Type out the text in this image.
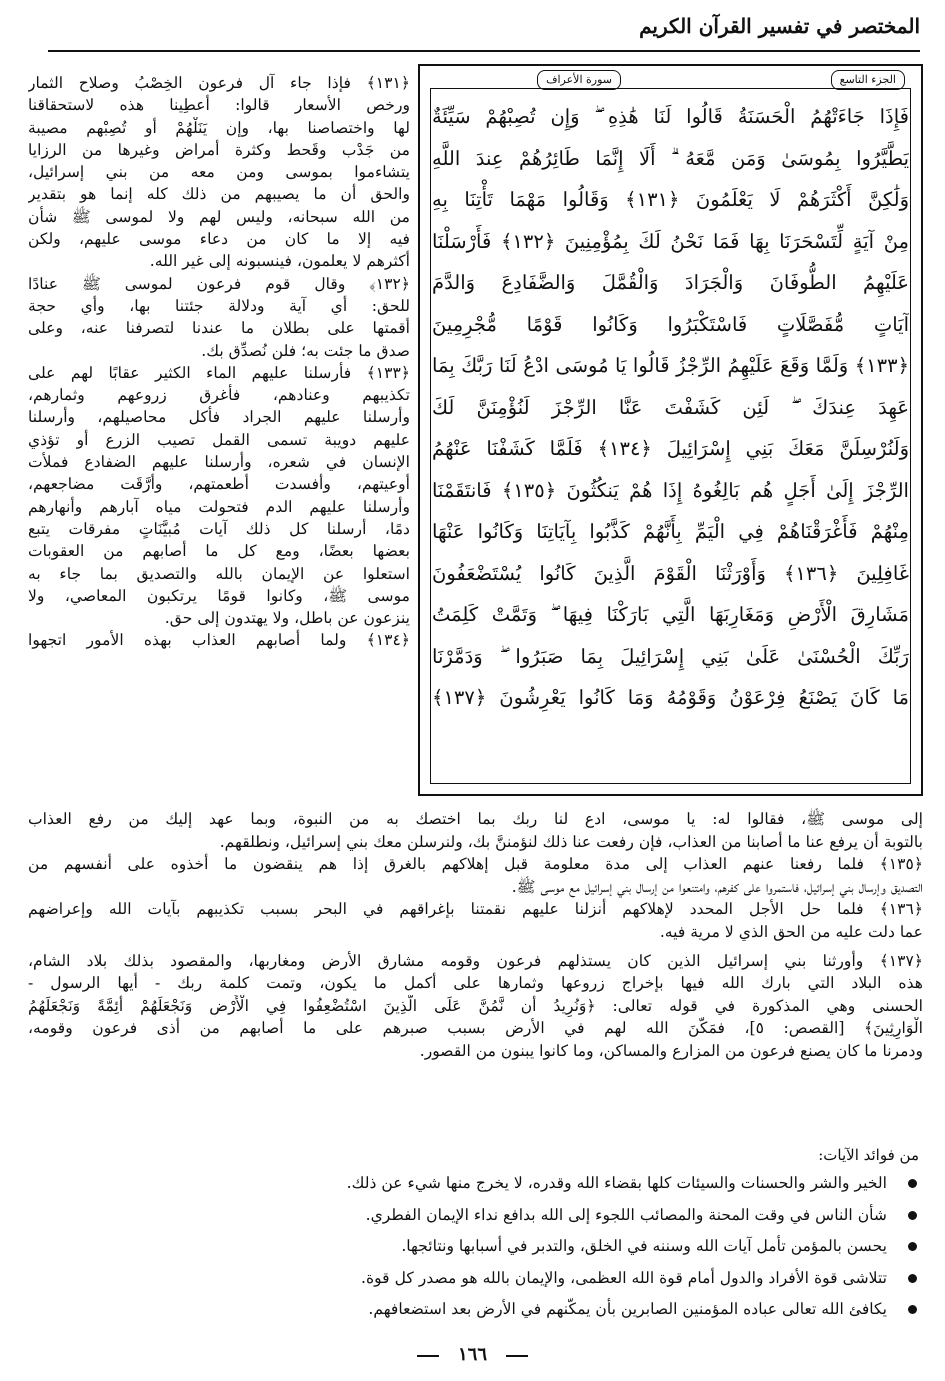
المختصر في تفسير القرآن الكريم
الجزء التاسع
سورة الأعراف
فَإِذَا جَاءَتْهُمُ الْحَسَنَةُ قَالُوا لَنَا هَٰذِهِ ۖ وَإِن تُصِبْهُمْ سَيِّئَةٌ
يَطَّيَّرُوا بِمُوسَىٰ وَمَن مَّعَهُ ۗ أَلَا إِنَّمَا طَائِرُهُمْ عِندَ اللَّهِ
وَلَٰكِنَّ أَكْثَرَهُمْ لَا يَعْلَمُونَ ﴿١٣١﴾ وَقَالُوا مَهْمَا تَأْتِنَا بِهِ
مِنْ آيَةٍ لِّتَسْحَرَنَا بِهَا فَمَا نَحْنُ لَكَ بِمُؤْمِنِينَ ﴿١٣٢﴾ فَأَرْسَلْنَا
عَلَيْهِمُ الطُّوفَانَ وَالْجَرَادَ وَالْقُمَّلَ وَالضَّفَادِعَ وَالدَّمَ
آيَاتٍ مُّفَصَّلَاتٍ فَاسْتَكْبَرُوا وَكَانُوا قَوْمًا مُّجْرِمِينَ
﴿١٣٣﴾ وَلَمَّا وَقَعَ عَلَيْهِمُ الرِّجْزُ قَالُوا يَا مُوسَى ادْعُ لَنَا رَبَّكَ بِمَا
عَهِدَ عِندَكَ ۖ لَئِن كَشَفْتَ عَنَّا الرِّجْزَ لَنُؤْمِنَنَّ لَكَ
وَلَنُرْسِلَنَّ مَعَكَ بَنِي إِسْرَائِيلَ ﴿١٣٤﴾ فَلَمَّا كَشَفْنَا عَنْهُمُ
الرِّجْزَ إِلَىٰ أَجَلٍ هُم بَالِغُوهُ إِذَا هُمْ يَنكُثُونَ ﴿١٣٥﴾ فَانتَقَمْنَا
مِنْهُمْ فَأَغْرَقْنَاهُمْ فِي الْيَمِّ بِأَنَّهُمْ كَذَّبُوا بِآيَاتِنَا وَكَانُوا عَنْهَا
غَافِلِينَ ﴿١٣٦﴾ وَأَوْرَثْنَا الْقَوْمَ الَّذِينَ كَانُوا يُسْتَضْعَفُونَ
مَشَارِقَ الْأَرْضِ وَمَغَارِبَهَا الَّتِي بَارَكْنَا فِيهَا ۖ وَتَمَّتْ كَلِمَتُ
رَبِّكَ الْحُسْنَىٰ عَلَىٰ بَنِي إِسْرَائِيلَ بِمَا صَبَرُوا ۖ وَدَمَّرْنَا
مَا كَانَ يَصْنَعُ فِرْعَوْنُ وَقَوْمُهُ وَمَا كَانُوا يَعْرِشُونَ ﴿١٣٧﴾
﴿١٣١﴾ فإذا جاء آل فرعون الخِصْبُ وصلاح الثمار
ورخص الأسعار قالوا: أُعطِينا هذه لاستحقاقنا
لها واختصاصنا بها، وإن يَنَلْهُمْ أو تُصِبْهم مصيبة
من جَدْب وقَحط وكثرة أمراض وغيرها من الرزايا
يتشاءموا بموسى ومن معه من بني إسرائيل،
والحق أن ما يصيبهم من ذلك كله إنما هو بتقدير
من الله سبحانه، وليس لهم ولا لموسى ﷺ شأن
فيه إلا ما كان من دعاء موسى عليهم، ولكن
أكثرهم لا يعلمون، فينسبونه إلى غير الله.
﴿١٣٢﴾ وقال قوم فرعون لموسى ﷺ عنادًا
للحق: أي آية ودلالة جئتنا بها، وأي حجة
أقمتها على بطلان ما عندنا لتصرفنا عنه، وعلى
صدق ما جئت به؛ فلن نُصدِّق بك.
﴿١٣٣﴾ فأرسلنا عليهم الماء الكثير عقابًا لهم على
تكذيبهم وعنادهم، فأغرق زروعهم وثمارهم،
وأرسلنا عليهم الجراد فأكل محاصيلهم، وأرسلنا
عليهم دويبة تسمى القمل تصيب الزرع أو تؤذي
الإنسان في شعره، وأرسلنا عليهم الضفادع فملأت
أوعيتهم، وأفسدت أطعمتهم، وأَرَّقَت مضاجعهم،
وأرسلنا عليهم الدم فتحولت مياه آبارهم وأنهارهم
دمًا، أرسلنا كل ذلك آيات مُبيَّنَاتٍ مفرقات يتبع
بعضها بعضًا، ومع كل ما أصابهم من العقوبات
استعلوا عن الإيمان بالله والتصديق بما جاء به
موسى ﷺ، وكانوا قومًا يرتكبون المعاصي، ولا
ينزعون عن باطل، ولا يهتدون إلى حق.
﴿١٣٤﴾ ولما أصابهم العذاب بهذه الأمور اتجهوا
إلى موسى ﷺ، فقالوا له: يا موسى، ادع لنا ربك بما اختصك به من النبوة، وبما عهد إليك من رفع العذاب
بالتوبة أن يرفع عنا ما أصابنا من العذاب، فإن رفعت عنا ذلك لنؤمننَّ بك، ولنرسلن معك بني إسرائيل، ونطلقهم.
﴿١٣٥﴾ فلما رفعنا عنهم العذاب إلى مدة معلومة قبل إهلاكهم بالغرق إذا هم ينقضون ما أخذوه على أنفسهم من
التصديق وإرسال بني إسرائيل، فاستمروا على كفرهم، وامتنعوا من إرسال بني إسرائيل مع موسى ﷺ.
﴿١٣٦﴾ فلما حل الأجل المحدد لإهلاكهم أنزلنا عليهم نقمتنا بإغراقهم في البحر بسبب تكذيبهم بآيات الله وإعراضهم
عما دلت عليه من الحق الذي لا مرية فيه.
﴿١٣٧﴾ وأورثنا بني إسرائيل الذين كان يستذلهم فرعون وقومه مشارق الأرض ومغاربها، والمقصود بذلك بلاد الشام،
هذه البلاد التي بارك الله فيها بإخراج زروعها وثمارها على أكمل ما يكون، وتمت كلمة ربك - أيها الرسول -
الحسنى وهي المذكورة في قوله تعالى: ﴿وَنُرِيدُ أَن نَّمُنَّ عَلَى الَّذِينَ اسْتُضْعِفُوا فِي الْأَرْضِ وَنَجْعَلَهُمْ أَئِمَّةً وَنَجْعَلَهُمُ
الْوَارِثِينَ﴾ [القصص: ٥]، فمَكَّنَ الله لهم في الأرض بسبب صبرهم على ما أصابهم من أذى فرعون وقومه،
ودمرنا ما كان يصنع فرعون من المزارع والمساكن، وما كانوا يبنون من القصور.
من فوائد الآيات:
الخير والشر والحسنات والسيئات كلها بقضاء الله وقدره، لا يخرج منها شيء عن ذلك.
شأن الناس في وقت المحنة والمصائب اللجوء إلى الله بدافع نداء الإيمان الفطري.
يحسن بالمؤمن تأمل آيات الله وسننه في الخلق، والتدبر في أسبابها ونتائجها.
تتلاشى قوة الأفراد والدول أمام قوة الله العظمى، والإيمان بالله هو مصدر كل قوة.
يكافئ الله تعالى عباده المؤمنين الصابرين بأن يمكّنهم في الأرض بعد استضعافهم.
١٦٦
